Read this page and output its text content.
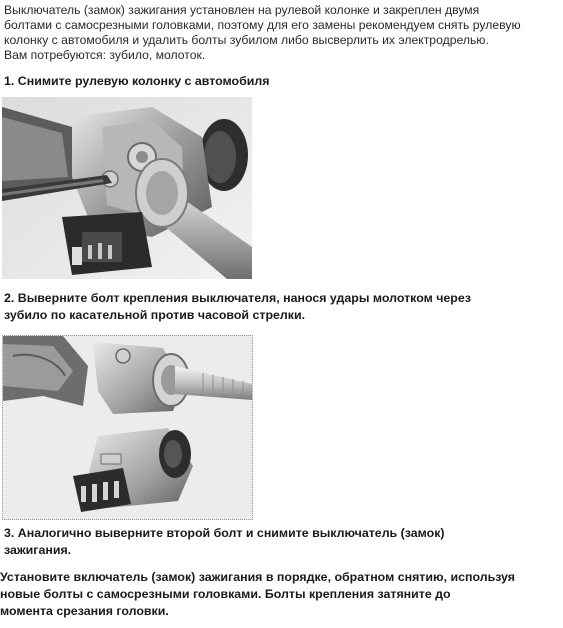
Выключатель (замок) зажигания установлен на рулевой колонке и закреплен двумя

болтами с самосрезными головками, поэтому для его замены рекомендуем снять рулевую

колонку с автомобиля и удалить болты зубилом либо высверлить их электродрелью.

Вам потребуются: зубило, молоток.

1. Снимите рулевую колонку с автомобиля
2. Выверните болт крепления выключателя, нанося удары молотком через
зубило по касательной против часовой стрелки.
3. Аналогично выверните второй болт и снимите выключатель (замок)
зажигания.
Установите включатель (замок) зажигания в порядке, обратном снятию, используя
новые болты с самосрезными головками. Болты крепления затяните до
момента срезания головки.
